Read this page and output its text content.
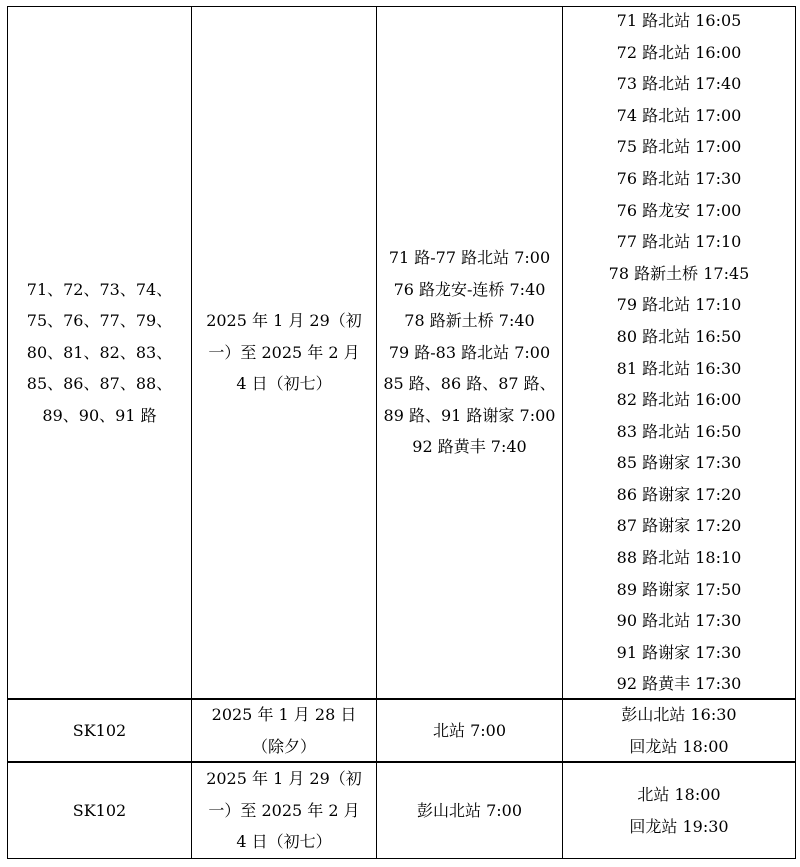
71、72、73、74、
75、76、77、79、
80、81、82、83、
85、86、87、88、
89、90、91 路
2025 年 1 月 29（初
一）至 2025 年 2 月
4 日（初七）
71 路-77 路北站 7:00
76 路龙安-连桥 7:40
78 路新土桥 7:40
79 路-83 路北站 7:00
85 路、86 路、87 路、
89 路、91 路谢家 7:00
92 路黄丰 7:40
71 路北站 16:05
72 路北站 16:00
73 路北站 17:40
74 路北站 17:00
75 路北站 17:00
76 路北站 17:30
76 路龙安 17:00
77 路北站 17:10
78 路新土桥 17:45
79 路北站 17:10
80 路北站 16:50
81 路北站 16:30
82 路北站 16:00
83 路北站 16:50
85 路谢家 17:30
86 路谢家 17:20
87 路谢家 17:20
88 路北站 18:10
89 路谢家 17:50
90 路北站 17:30
91 路谢家 17:30
92 路黄丰 17:30
SK102
2025 年 1 月 28 日
（除夕）
北站 7:00
彭山北站 16:30
回龙站 18:00
SK102
2025 年 1 月 29（初
一）至 2025 年 2 月
4 日（初七）
彭山北站 7:00
北站 18:00
回龙站 19:30
